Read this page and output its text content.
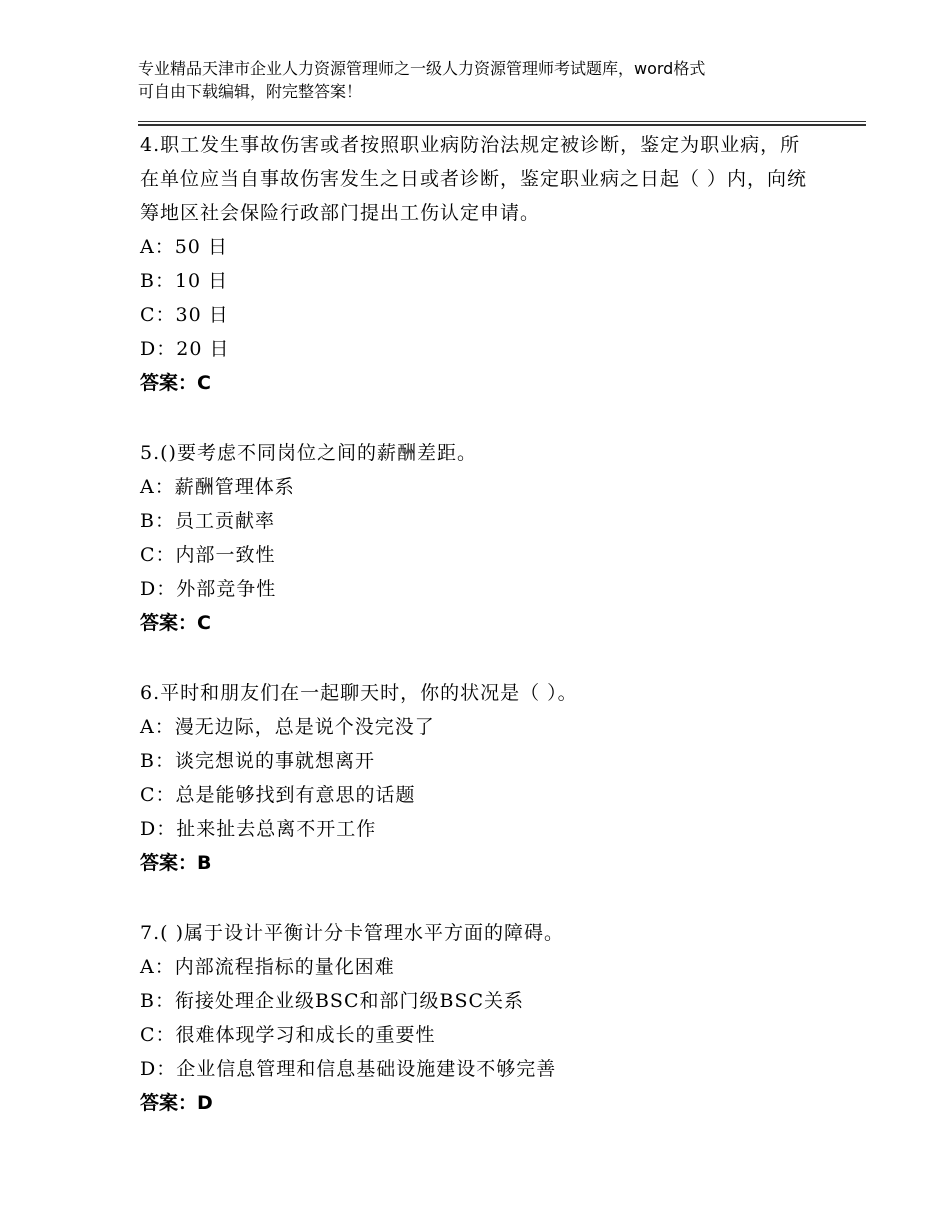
专业精品天津市企业人力资源管理师之一级人力资源管理师考试题库，word格式
可自由下载编辑，附完整答案！

4.职工发生事故伤害或者按照职业病防治法规定被诊断，鉴定为职业病，所在单位应当自事故伤害发生之日或者诊断，鉴定职业病之日起（ ）内，向统筹地区社会保险行政部门提出工伤认定申请。

A：50 日
B：10 日
C：30 日
D：20 日
答案：C

5.()要考虑不同岗位之间的薪酬差距。

A：薪酬管理体系
B：员工贡献率
C：内部一致性
D：外部竞争性
答案：C

6.平时和朋友们在一起聊天时，你的状况是（ ）。

A：漫无边际，总是说个没完没了
B：谈完想说的事就想离开
C：总是能够找到有意思的话题
D：扯来扯去总离不开工作
答案：B

7.( )属于设计平衡计分卡管理水平方面的障碍。

A：内部流程指标的量化困难
B：衔接处理企业级BSC和部门级BSC关系
C：很难体现学习和成长的重要性
D：企业信息管理和信息基础设施建设不够完善
答案：D
